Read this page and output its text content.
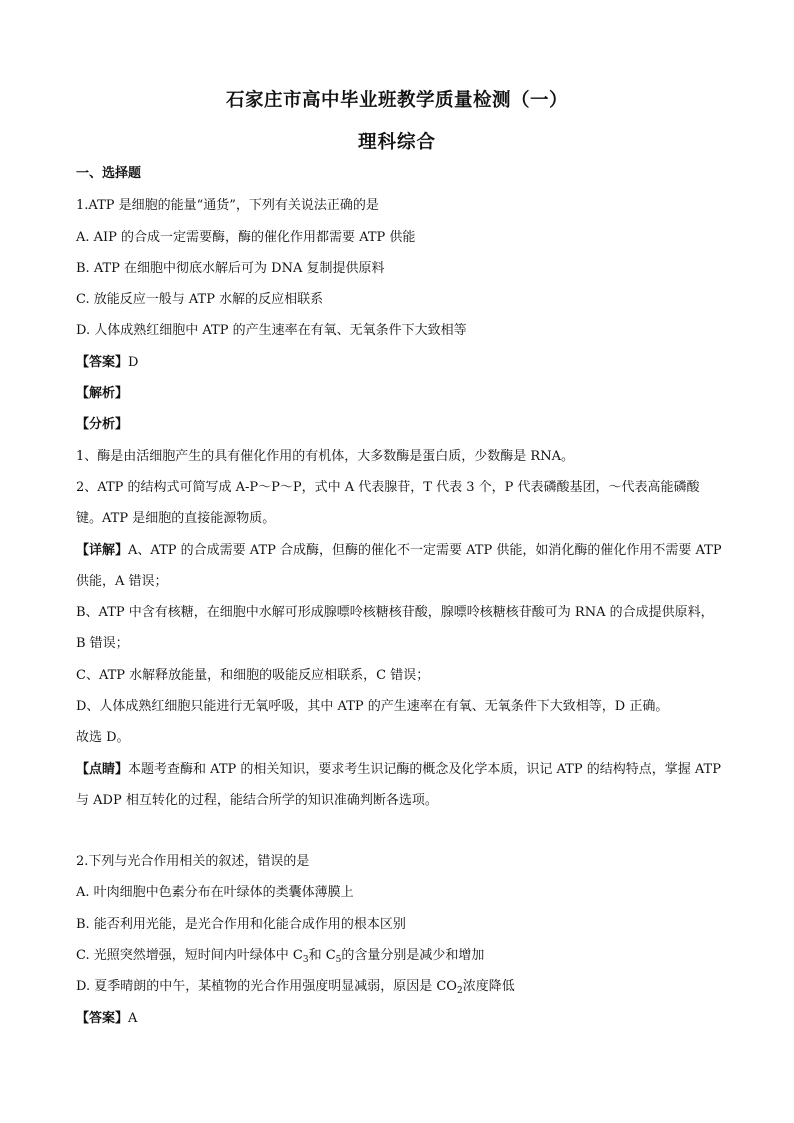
石家庄市高中毕业班教学质量检测（一）
理科综合
一、选择题
1.ATP 是细胞的能量“通货”，下列有关说法正确的是
A. AIP 的合成一定需要酶，酶的催化作用都需要 ATP 供能
B. ATP 在细胞中彻底水解后可为 DNA 复制提供原料
C. 放能反应一般与 ATP 水解的反应相联系
D. 人体成熟红细胞中 ATP 的产生速率在有氧、无氧条件下大致相等
【答案】D
【解析】
【分析】
1、酶是由活细胞产生的具有催化作用的有机体，大多数酶是蛋白质，少数酶是 RNA。
2、ATP 的结构式可简写成 A-P～P～P，式中 A 代表腺苷，T 代表 3 个，P 代表磷酸基团，～代表高能磷酸
键。ATP 是细胞的直接能源物质。
【详解】A、ATP 的合成需要 ATP 合成酶，但酶的催化不一定需要 ATP 供能，如消化酶的催化作用不需要 ATP
供能，A 错误；
B、ATP 中含有核糖，在细胞中水解可形成腺嘌呤核糖核苷酸，腺嘌呤核糖核苷酸可为 RNA 的合成提供原料，
B 错误；
C、ATP 水解释放能量，和细胞的吸能反应相联系，C 错误；
D、人体成熟红细胞只能进行无氧呼吸，其中 ATP 的产生速率在有氧、无氧条件下大致相等，D 正确。
故选 D。
【点睛】本题考查酶和 ATP 的相关知识，要求考生识记酶的概念及化学本质，识记 ATP 的结构特点，掌握 ATP
与 ADP 相互转化的过程，能结合所学的知识准确判断各选项。
2.下列与光合作用相关的叙述，错误的是
A. 叶肉细胞中色素分布在叶绿体的类囊体薄膜上
B. 能否利用光能，是光合作用和化能合成作用的根本区别
C. 光照突然增强，短时间内叶绿体中 $C_3$和 $C_5$的含量分别是减少和增加
D. 夏季晴朗的中午，某植物的光合作用强度明显减弱，原因是 $CO_2$浓度降低
【答案】A
